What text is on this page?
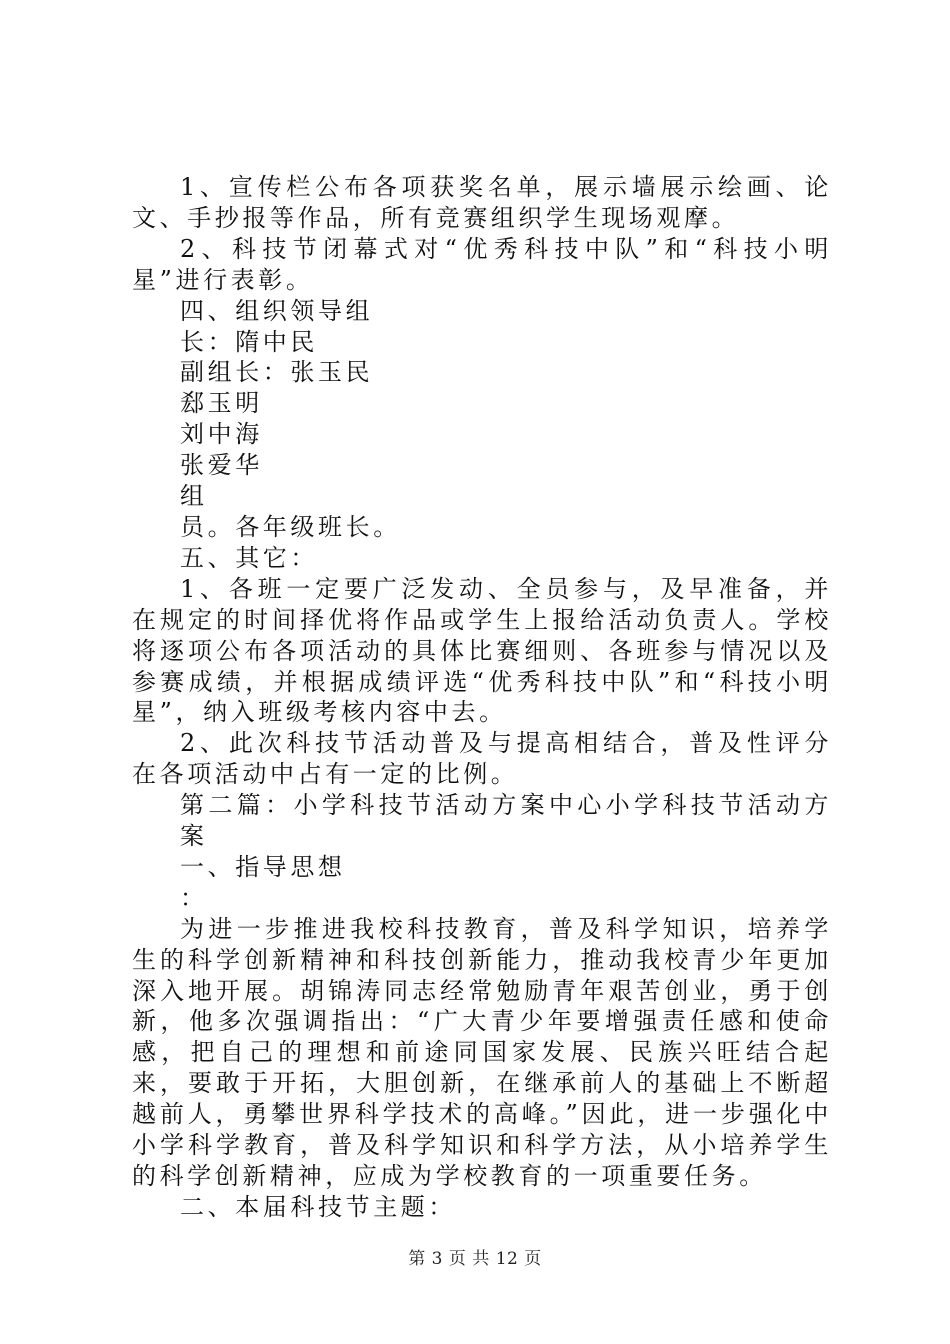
1、宣传栏公布各项获奖名单，展示墙展示绘画、论文、手抄报等作品，所有竞赛组织学生现场观摩。

2、科技节闭幕式对“优秀科技中队”和“科技小明星”进行表彰。

四、组织领导组

长：隋中民

副组长：张玉民

郄玉明

刘中海

张爱华

组

员。各年级班长。

五、其它：

1、各班一定要广泛发动、全员参与，及早准备，并在规定的时间择优将作品或学生上报给活动负责人。学校将逐项公布各项活动的具体比赛细则、各班参与情况以及参赛成绩，并根据成绩评选“优秀科技中队”和“科技小明星”，纳入班级考核内容中去。

2、此次科技节活动普及与提高相结合，普及性评分在各项活动中占有一定的比例。

第二篇：小学科技节活动方案中心小学科技节活动方案

一、指导思想

：

为进一步推进我校科技教育，普及科学知识，培养学生的科学创新精神和科技创新能力，推动我校青少年更加深入地开展。胡锦涛同志经常勉励青年艰苦创业，勇于创新，他多次强调指出：“广大青少年要增强责任感和使命感，把自己的理想和前途同国家发展、民族兴旺结合起来，要敢于开拓，大胆创新，在继承前人的基础上不断超越前人，勇攀世界科学技术的高峰。”因此，进一步强化中小学科学教育，普及科学知识和科学方法，从小培养学生的科学创新精神，应成为学校教育的一项重要任务。

二、本届科技节主题：

第 3 页 共 12 页
